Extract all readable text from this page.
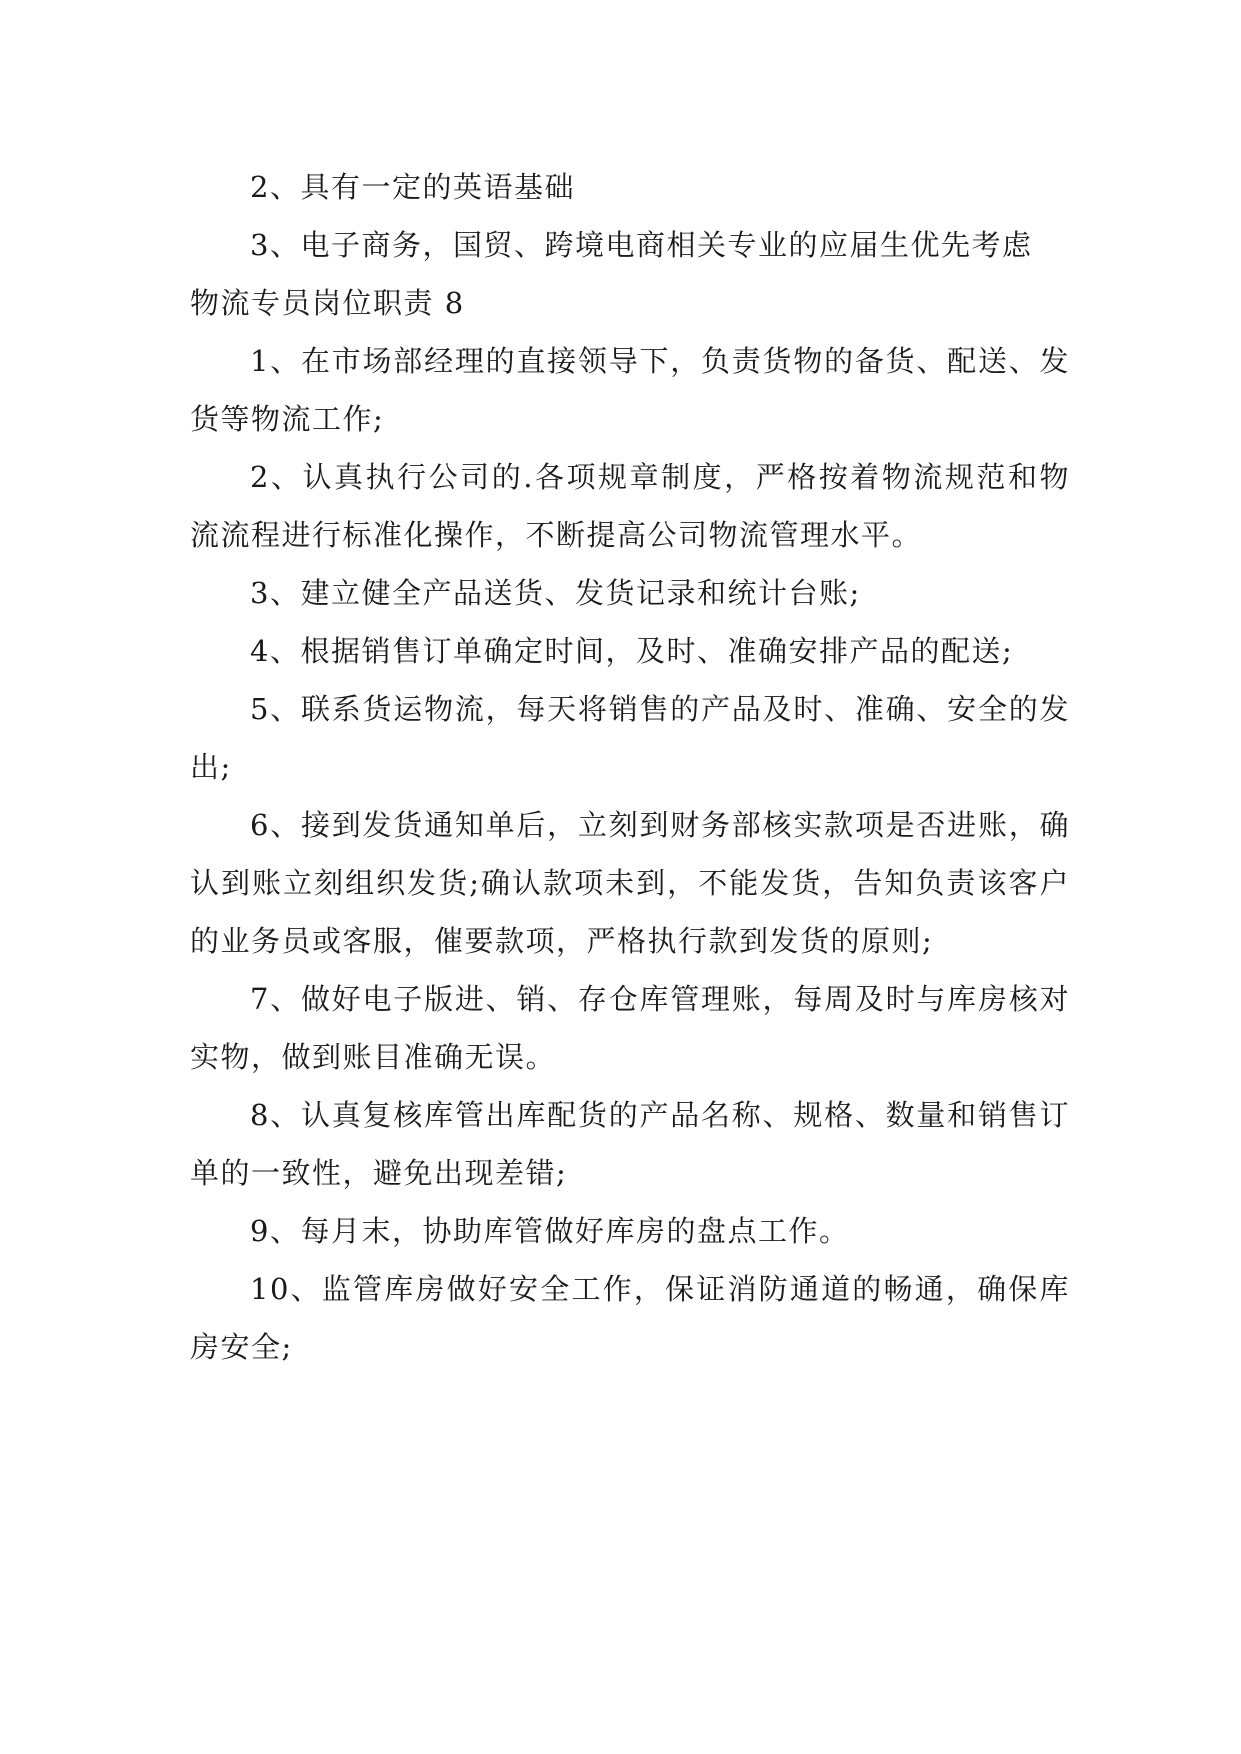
2、具有一定的英语基础

3、电子商务，国贸、跨境电商相关专业的应届生优先考虑

物流专员岗位职责 8

1、在市场部经理的直接领导下，负责货物的备货、配送、发货等物流工作;

2、认真执行公司的.各项规章制度，严格按着物流规范和物流流程进行标准化操作，不断提高公司物流管理水平。

3、建立健全产品送货、发货记录和统计台账;

4、根据销售订单确定时间，及时、准确安排产品的配送;

5、联系货运物流，每天将销售的产品及时、准确、安全的发出;

6、接到发货通知单后，立刻到财务部核实款项是否进账，确认到账立刻组织发货;确认款项未到，不能发货，告知负责该客户的业务员或客服，催要款项，严格执行款到发货的原则;

7、做好电子版进、销、存仓库管理账，每周及时与库房核对实物，做到账目准确无误。

8、认真复核库管出库配货的产品名称、规格、数量和销售订单的一致性，避免出现差错;

9、每月末，协助库管做好库房的盘点工作。

10、监管库房做好安全工作，保证消防通道的畅通，确保库房安全;
